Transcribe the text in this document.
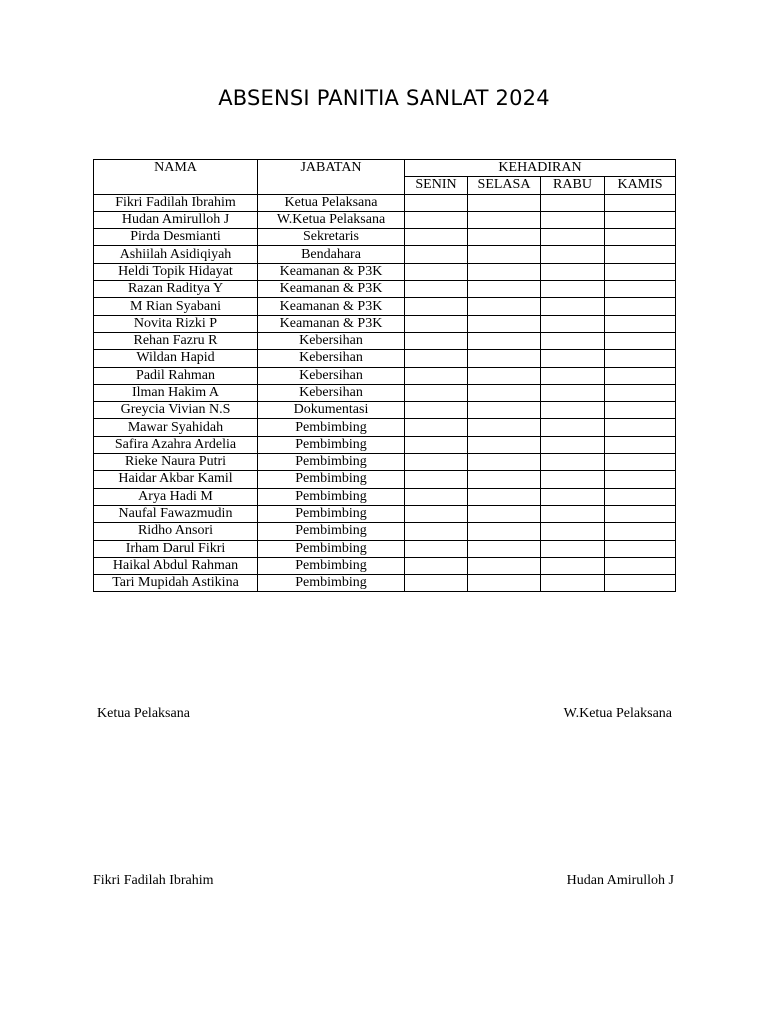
ABSENSI PANITIA SANLAT 2024
NAMA	JABATAN	KEHADIRAN			
		SENIN	SELASA	RABU	KAMIS
Fikri Fadilah Ibrahim	Ketua Pelaksana				
Hudan Amirulloh J	W.Ketua Pelaksana				
Pirda Desmianti	Sekretaris				
Ashiilah Asidiqiyah	Bendahara				
Heldi Topik Hidayat	Keamanan & P3K				
Razan Raditya Y	Keamanan & P3K				
M Rian Syabani	Keamanan & P3K				
Novita Rizki P	Keamanan & P3K				
Rehan Fazru R	Kebersihan				
Wildan Hapid	Kebersihan				
Padil Rahman	Kebersihan				
Ilman Hakim A	Kebersihan				
Greycia Vivian N.S	Dokumentasi				
Mawar Syahidah	Pembimbing				
Safira Azahra Ardelia	Pembimbing				
Rieke Naura Putri	Pembimbing				
Haidar Akbar Kamil	Pembimbing				
Arya Hadi M	Pembimbing				
Naufal Fawazmudin	Pembimbing				
Ridho Ansori	Pembimbing				
Irham Darul Fikri	Pembimbing				
Haikal Abdul Rahman	Pembimbing				
Tari Mupidah Astikina	Pembimbing				
Ketua Pelaksana	W.Ketua Pelaksana
Fikri Fadilah Ibrahim	Hudan Amirulloh J
